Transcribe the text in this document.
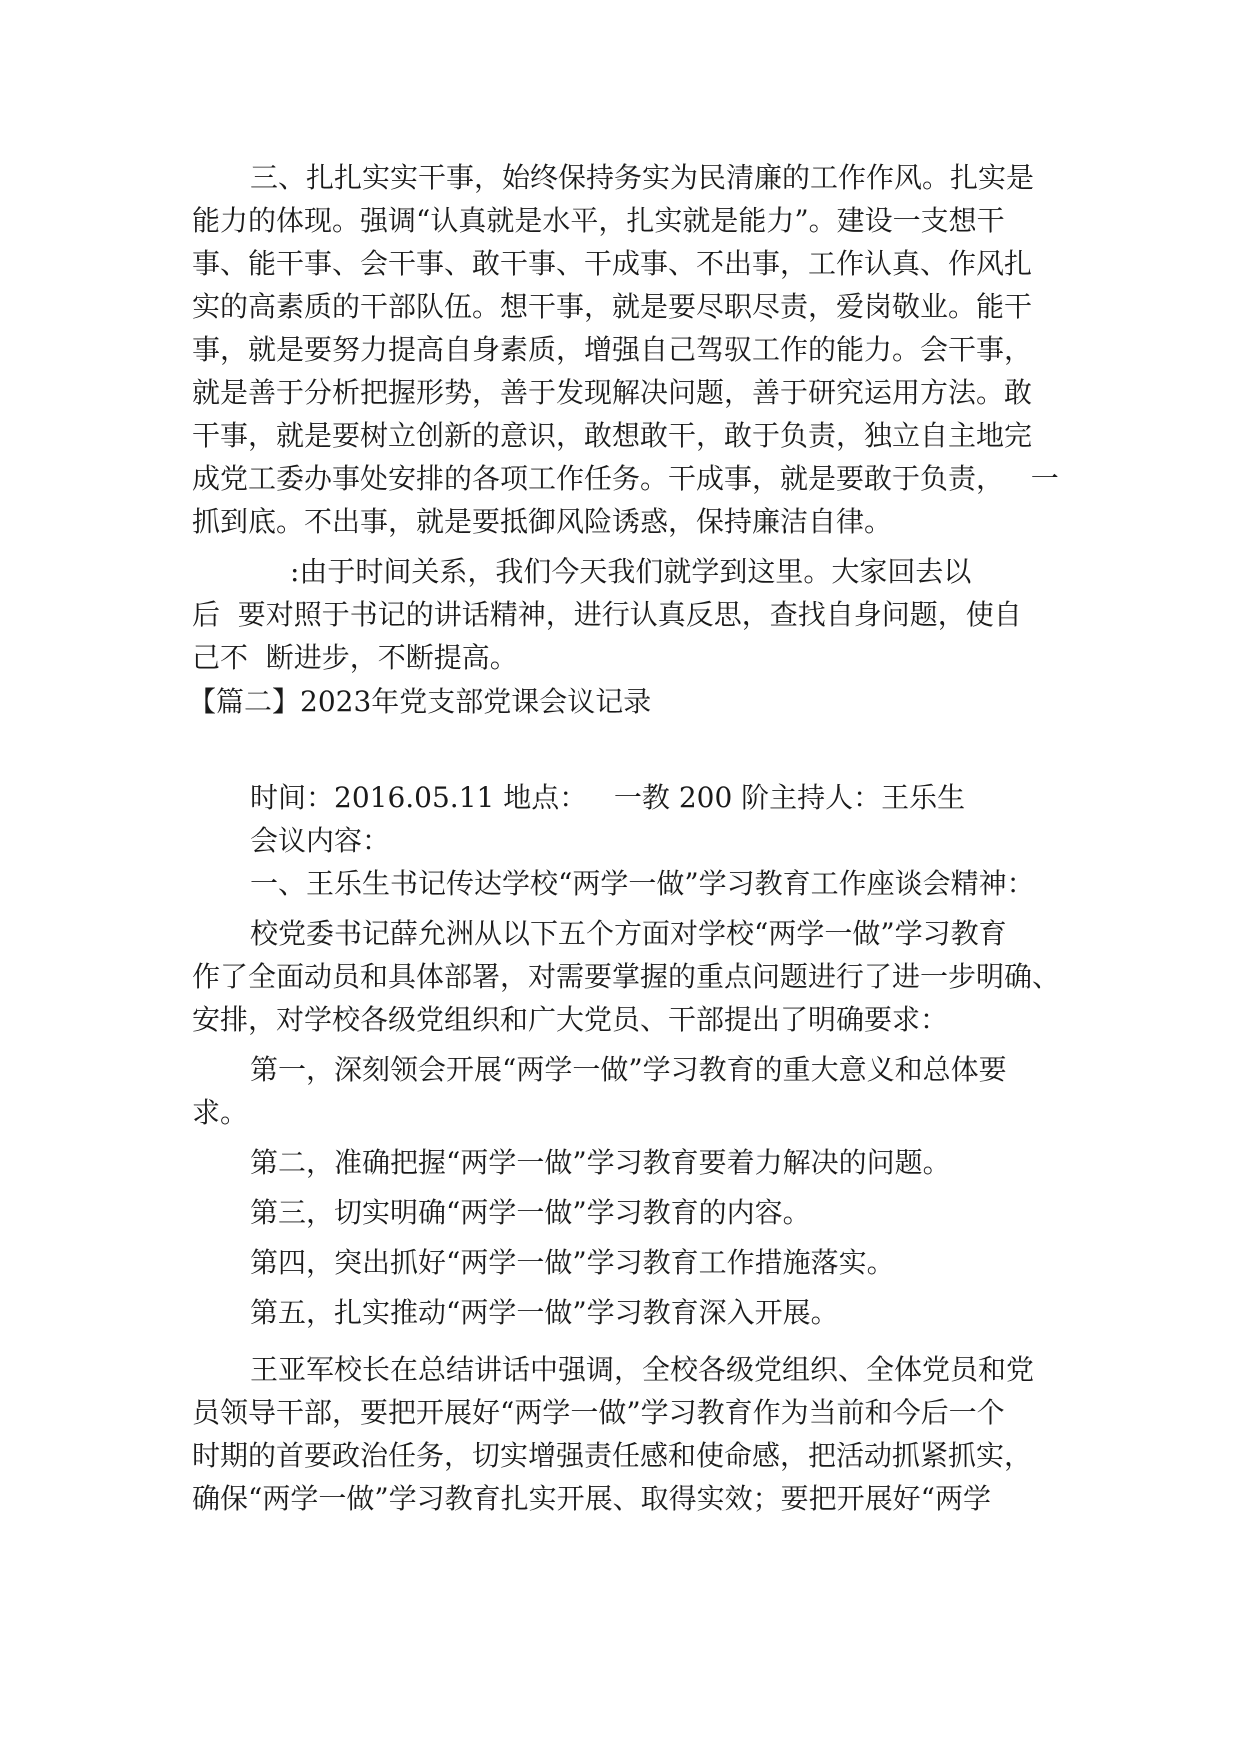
三、扎扎实实干事，始终保持务实为民清廉的工作作风。扎实是
能力的体现。强调“认真就是水平，扎实就是能力”。建设一支想干
事、能干事、会干事、敢干事、干成事、不出事，工作认真、作风扎
实的高素质的干部队伍。想干事，就是要尽职尽责，爱岗敬业。能干
事，就是要努力提高自身素质，增强自己驾驭工作的能力。会干事，
就是善于分析把握形势，善于发现解决问题，善于研究运用方法。敢
干事，就是要树立创新的意识，敢想敢干，敢于负责，独立自主地完
成党工委办事处安排的各项工作任务。干成事，就是要敢于负责，   一
抓到底。不出事，就是要抵御风险诱惑，保持廉洁自律。
:由于时间关系，我们今天我们就学到这里。大家回去以
后  要对照于书记的讲话精神，进行认真反思，查找自身问题，使自
己不  断进步，不断提高。
【篇二】2023年党支部党课会议记录
时间：2016.05.11 地点：   一教 200 阶主持人：王乐生
会议内容：
一、王乐生书记传达学校“两学一做”学习教育工作座谈会精神：
校党委书记薛允洲从以下五个方面对学校“两学一做”学习教育
作了全面动员和具体部署，对需要掌握的重点问题进行了进一步明确、
安排，对学校各级党组织和广大党员、干部提出了明确要求：
第一，深刻领会开展“两学一做”学习教育的重大意义和总体要
求。
第二，准确把握“两学一做”学习教育要着力解决的问题。
第三，切实明确“两学一做”学习教育的内容。
第四，突出抓好“两学一做”学习教育工作措施落实。
第五，扎实推动“两学一做”学习教育深入开展。
王亚军校长在总结讲话中强调，全校各级党组织、全体党员和党
员领导干部，要把开展好“两学一做”学习教育作为当前和今后一个
时期的首要政治任务，切实增强责任感和使命感，把活动抓紧抓实，
确保“两学一做”学习教育扎实开展、取得实效；要把开展好“两学
